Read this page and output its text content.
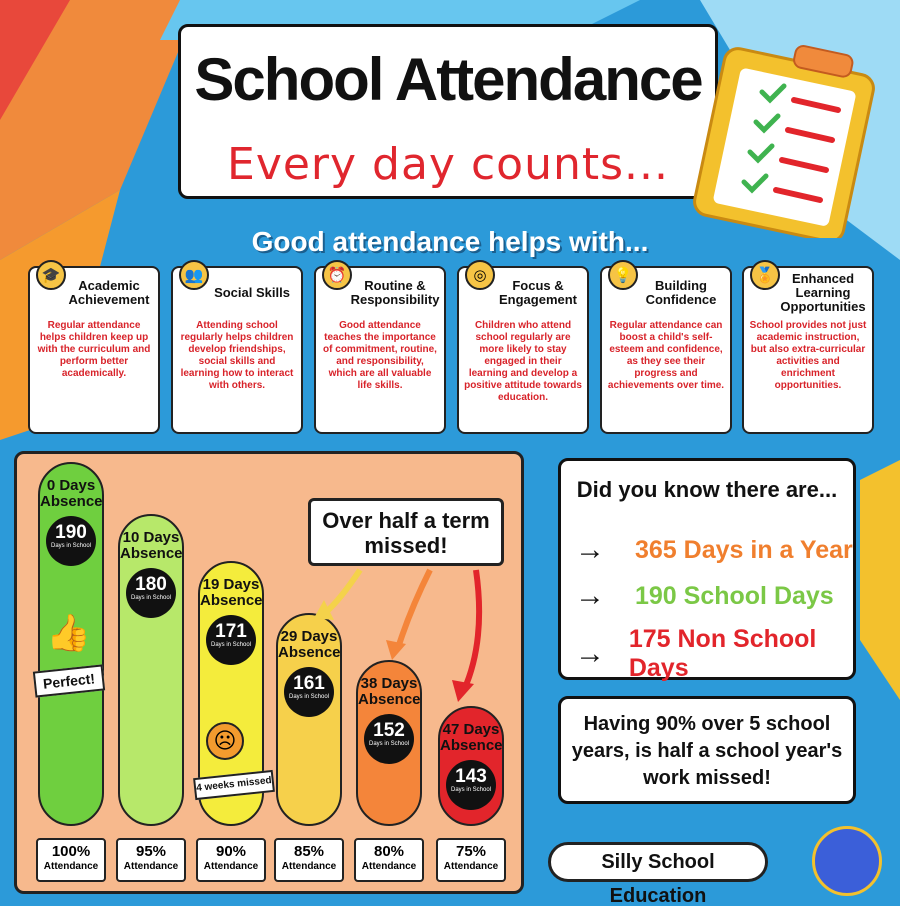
School Attendance
Every day counts...
Good attendance helps with...
🎓
Academic Achievement
Regular attendance helps children keep up with the curriculum and perform better academically.
👥
Social Skills
Attending school regularly helps children develop friendships, social skills and learning how to interact with others.
⏰
Routine & Responsibility
Good attendance teaches the importance of commitment, routine, and responsibility, which are all valuable life skills.
◎
Focus & Engagement
Children who attend school regularly are more likely to stay engaged in their learning and develop a positive attitude towards education.
💡
Building Confidence
Regular attendance can boost a child's self-esteem and confidence, as they see their progress and achievements over time.
🏅	Enhanced Learning Opportunities
School provides not just academic instruction, but also extra-curricular activities and enrichment opportunities.
0 Days Absence
190
Days in School	10 Days Absence
180
Days in School
19 Days Absence
171
Days in School	29 Days Absence
161
Days in School
38 Days Absence
152
Days in School
47 Days Absence
143
Days in School
100%
Attendance
95%
Attendance
90%
Attendance
85%
Attendance
80%
Attendance
75%
Attendance
Perfect!
👍
☹
4 weeks missed
Over half a term missed!
Did you know there are...
→	365 Days in a Year
→	190 School Days
→ 175 Non School Days
Having 90% over 5 school years, is half a school year's work missed!
Silly School Education
